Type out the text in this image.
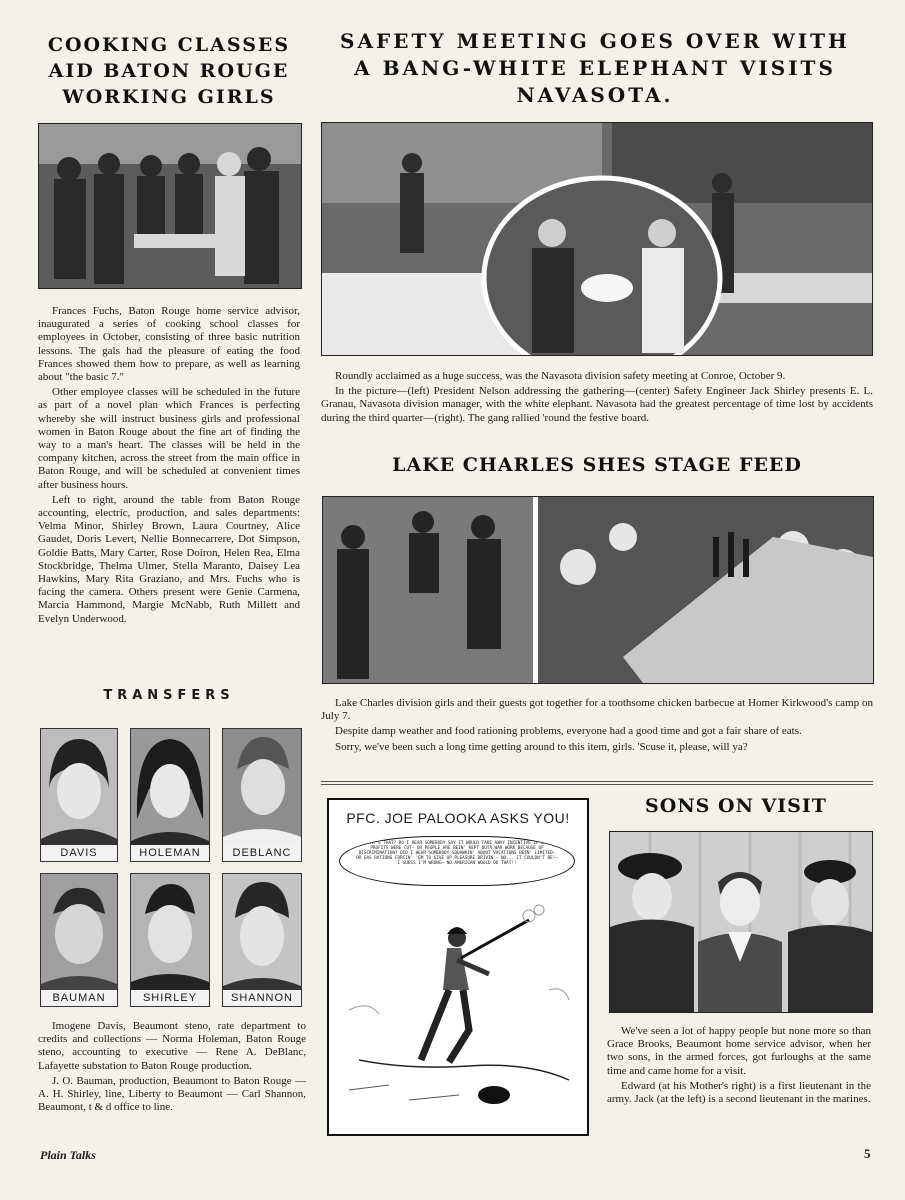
COOKING CLASSES AID BATON ROUGE WORKING GIRLS

Frances Fuchs, Baton Rouge home service advisor, inaugurated a series of cooking school classes for employees in October, consisting of three basic nutrition lessons. The gals had the pleasure of eating the food Frances showed them how to prepare, as well as learning about "the basic 7."

Other employee classes will be scheduled in the future as part of a novel plan which Frances is perfecting whereby she will instruct business girls and professional women in Baton Rouge about the fine art of finding the way to a man's heart. The classes will be held in the company kitchen, across the street from the main office in Baton Rouge, and will be scheduled at convenient times after business hours.

Left to right, around the table from Baton Rouge accounting, electric, production, and sales departments: Velma Minor, Shirley Brown, Laura Courtney, Alice Gaudet, Doris Levert, Nellie Bonnecarrere, Dot Simpson, Goldie Batts, Mary Carter, Rose Doiron, Helen Rea, Elma Stockbridge, Thelma Ulmer, Stella Maranto, Daisey Lea Hawkins, Mary Rita Graziano, and Mrs. Fuchs who is facing the camera. Others present were Genie Carmena, Marcia Hammond, Margie McNabb, Ruth Millett and Evelyn Underwood.

TRANSFERS
DAVIS	HOLEMAN	DEBLANC
BAUMAN	SHIRLEY	SHANNON

Imogene Davis, Beaumont steno, rate department to credits and collections — Norma Holeman, Baton Rouge steno, accounting to executive — Rene A. DeBlanc, Lafayette substation to Baton Rouge production.

J. O. Bauman, production, Beaumont to Baton Rouge — A. H. Shirley, line, Liberty to Beaumont — Carl Shannon, Beaumont, t & d office to line.

SAFETY MEETING GOES OVER WITH A BANG-WHITE ELEPHANT VISITS NAVASOTA.

Roundly acclaimed as a huge success, was the Navasota division safety meeting at Conroe, October 9.

In the picture—(left) President Nelson addressing the gathering—(center) Safety Engineer Jack Shirley presents E. L. Granau, Navasota division manager, with the white elephant. Navasota had the greatest percentage of time lost by accidents during the third quarter—(right). The gang rallied 'round the festive board.

LAKE CHARLES SHES STAGE FEED

Lake Charles division girls and their guests got together for a toothsome chicken barbecue at Homer Kirkwood's camp on July 7.

Despite damp weather and food rationing problems, everyone had a good time and got a fair share of eats.

Sorry, we've been such a long time getting around to this item, girls. 'Scuse it, please, will ya?

PFC. JOE PALOOKA ASKS YOU!
WHAT'S THAT? DO I HEAR SOMEBODY SAY IT WOULD TAKE AWAY INCENTIVE IF WAR PROFITS WERE CUT— OR PEOPLE ARE BEIN' KEPT OUTA WAR WORK BECAUSE OF DISCRIMINATION? DID I HEAR SOMEBODY SQUAWKIN' ABOUT VACATIONS BEIN' LIMITED— OR GAS RATIONS FORCIN' 'EM TO GIVE UP PLEASURE DRIVIN'— NO... IT COULDN'T BE!— I GUESS I'M WRONG— NO AMERICAN WOULD DO THAT!!
SONS ON VISIT

We've seen a lot of happy people but none more so than Grace Brooks, Beaumont home service advisor, when her two sons, in the armed forces, got furloughs at the same time and came home for a visit.

Edward (at his Mother's right) is a first lieutenant in the army. Jack (at the left) is a second lieutenant in the marines.

Plain Talks	5
